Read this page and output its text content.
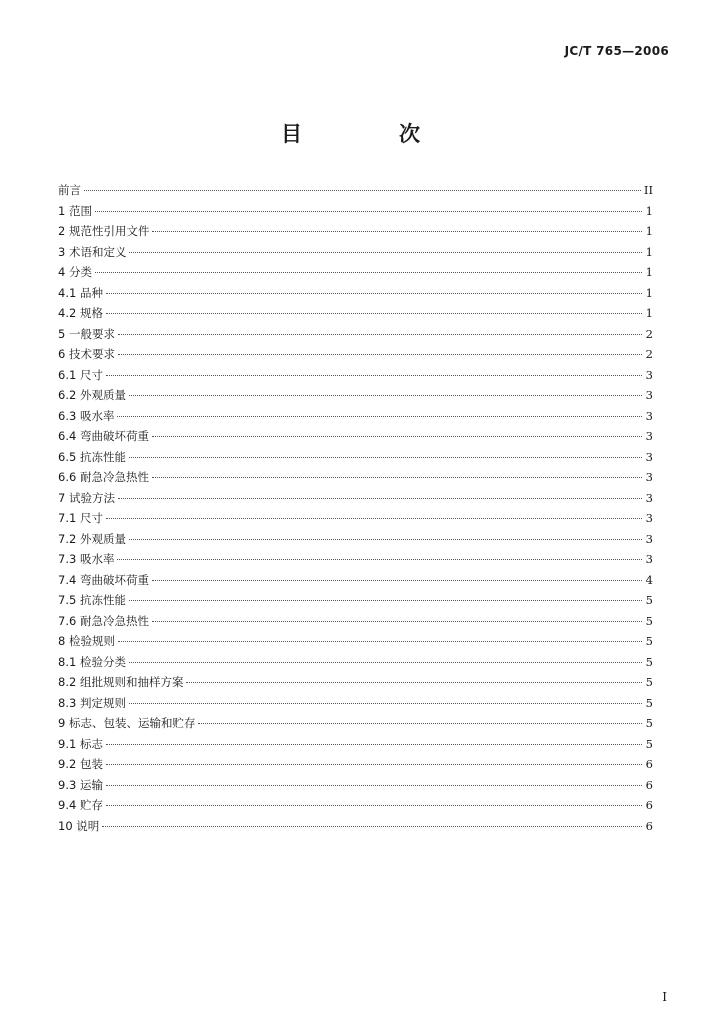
JC/T 765—2006
目　次
前言	II
1 范围	1
2 规范性引用文件	1
3 术语和定义	1
4 分类	1
4.1 品种	1
4.2 规格	1
5 一般要求	2
6 技术要求	2
6.1 尺寸	3
6.2 外观质量	3
6.3 吸水率	3
6.4 弯曲破坏荷重	3
6.5 抗冻性能	3
6.6 耐急冷急热性	3
7 试验方法	3
7.1 尺寸	3
7.2 外观质量	3
7.3 吸水率	3
7.4 弯曲破坏荷重	4
7.5 抗冻性能	5
7.6 耐急冷急热性	5
8 检验规则	5
8.1 检验分类	5
8.2 组批规则和抽样方案	5
8.3 判定规则	5
9 标志、包装、运输和贮存	5
9.1 标志	5
9.2 包装	6
9.3 运输	6
9.4 贮存	6
10 说明	6
I
